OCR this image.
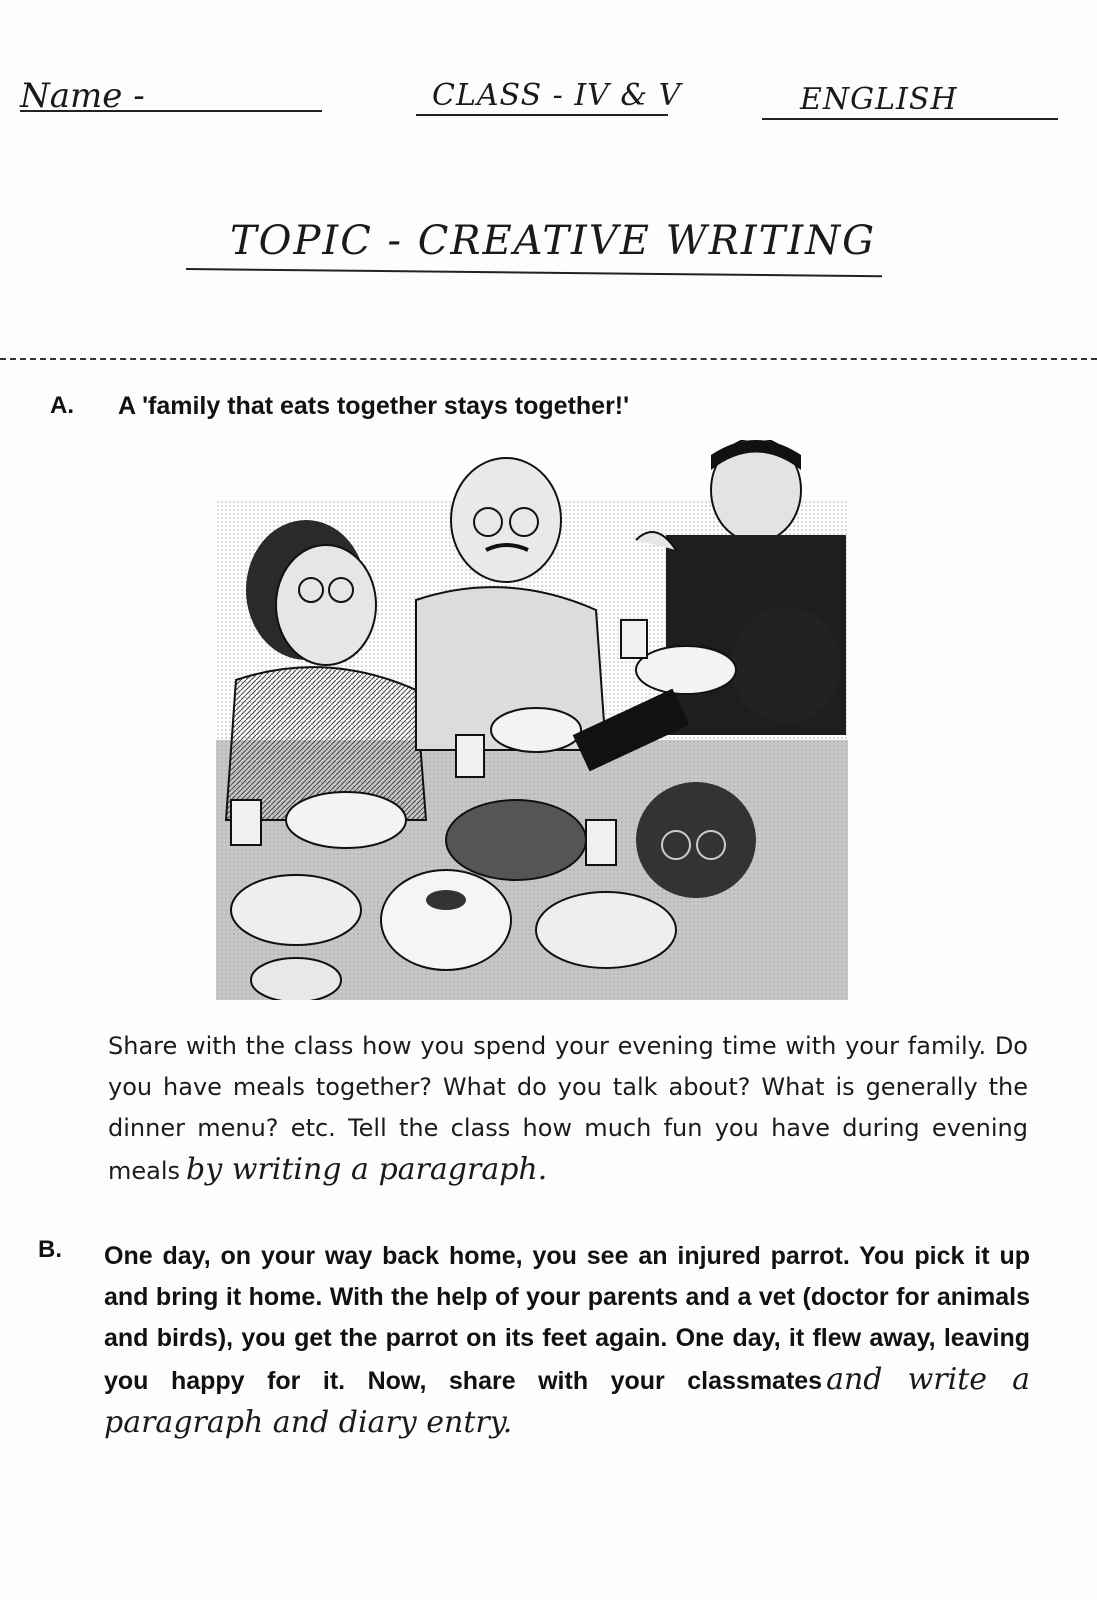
Name -	CLASS - IV & V	ENGLISH
TOPIC - CREATIVE WRITING
A. A 'family that eats together stays together!'
Share with the class how you spend your evening time with your family. Do you have meals together? What do you talk about? What is generally the dinner menu? etc. Tell the class how much fun you have during evening meals by writing a paragraph.
B. One day, on your way back home, you see an injured parrot. You pick it up and bring it home. With the help of your parents and a vet (doctor for animals and birds), you get the parrot on its feet again. One day, it flew away, leaving you happy for it. Now, share with your classmates and write a paragraph and diary entry.
